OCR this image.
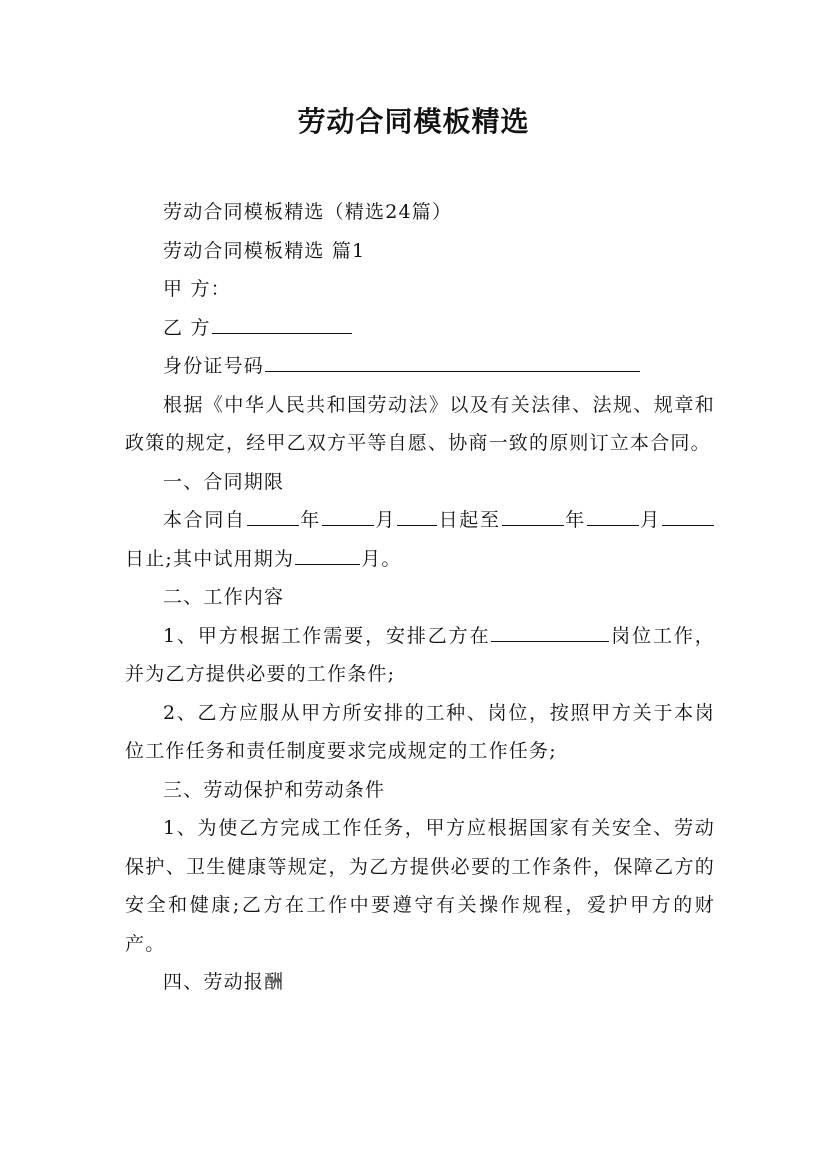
劳动合同模板精选

劳动合同模板精选（精选24篇）

劳动合同模板精选 篇1

甲 方：

乙 方

身份证号码

根据《中华人民共和国劳动法》以及有关法律、法规、规章和政策的规定，经甲乙双方平等自愿、协商一致的原则订立本合同。

一、合同期限

本合同自	年	月 日起至	年	月日止;其中试用期为	月。

二、工作内容

1、甲方根据工作需要，安排乙方在	岗位工作，并为乙方提供必要的工作条件;

2、乙方应服从甲方所安排的工种、岗位，按照甲方关于本岗位工作任务和责任制度要求完成规定的工作任务;

三、劳动保护和劳动条件

1、为使乙方完成工作任务，甲方应根据国家有关安全、劳动保护、卫生健康等规定，为乙方提供必要的工作条件，保障乙方的安全和健康;乙方在工作中要遵守有关操作规程，爱护甲方的财产。

四、劳动报酬
